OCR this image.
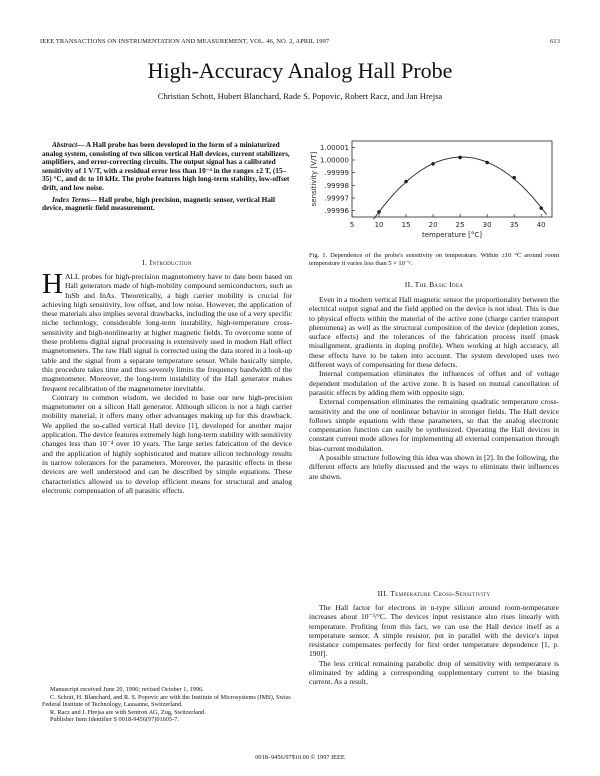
IEEE TRANSACTIONS ON INSTRUMENTATION AND MEASUREMENT, VOL. 46, NO. 2, APRIL 1997	613
High-Accuracy Analog Hall Probe
Christian Schott, Hubert Blanchard, Rade S. Popovic, Robert Racz, and Jan Hrejsa

Abstract— A Hall probe has been developed in the form of a miniaturized analog system, consisting of two silicon vertical Hall devices, current stabilizers, amplifiers, and error-correcting circuits. The output signal has a calibrated sensitivity of 1 V/T, with a residual error less than 10⁻⁴ in the ranges ±2 T, (15–35) °C, and dc to 10 kHz. The probe features high long-term stability, low-offset drift, and low noise.

Index Terms— Hall probe, high precision, magnetic sensor, vertical Hall device, magnetic field measurement.

I. Introduction

HALL probes for high-precision magnetometry have to date been based on Hall generators made of high-mobility compound semiconductors, such as InSb and InAs. Theoretically, a high carrier mobility is crucial for achieving high sensitivity, low offset, and low noise. However, the application of these materials also implies several drawbacks, including the use of a very specific niche technology, considerable long-term instability, high-temperature cross-sensitivity and high-nonlinearity at higher magnetic fields. To overcome some of these problems digital signal processing is extensively used in modern Hall effect magnetometers. The raw Hall signal is corrected using the data stored in a look-up table and the signal from a separate temperature sensor. While basically simple, this procedure takes time and thus severely limits the frequency bandwidth of the magnetometer. Moreover, the long-term instability of the Hall generator makes frequent recalibration of the magnetometer inevitable.

Contrary to common wisdom, we decided to base our new high-precision magnetometer on a silicon Hall generator. Although silicon is not a high carrier mobility material, it offers many other advantages making up for this drawback. We applied the so-called vertical Hall device [1], developed for another major application. The device features extremely high long-term stability with sensitivity changes less than 10⁻⁴ over 10 years. The large series fabrication of the device and the application of highly sophisticated and mature silicon technology results in narrow tolerances for the parameters. Moreover, the parasitic effects in these devices are well understood and can be described by simple equations. These characteristics allowed us to develop efficient means for structural and analog electronic compensation of all parasitic effects.

Manuscript received June 20, 1996; revised October 1, 1996.

C. Schott, H. Blanchard, and R. S. Popovic are with the Institute of Microsystems (IMS), Swiss Federal Institute of Technology, Lausanne, Switzerland.

R. Racz and J. Hrejsa are with Sentron AG, Zug, Switzerland.

Publisher Item Identifier S 0018-9456(97)01605-7.

5	10	15	20	25	30	35	40
.99996
.99997
.99998
.99999
1.00000
1.00001
temperature [°C]
sensitivity [V/T]
Fig. 1. Dependence of the probe's sensitivity on temperature. Within ±10 °C around room temperature it varies less than 5 × 10⁻⁵.
II. The Basic Idea

Even in a modern vertical Hall magnetic sensor the proportionality between the electrical output signal and the field applied on the device is not ideal. This is due to physical effects within the material of the active zone (charge carrier transport phenomena) as well as the structural composition of the device (depletion zones, surface effects) and the tolerances of the fabrication process itself (mask misalignment, gradients in doping profile). When working at high accuracy, all these effects have to be taken into account. The system developed uses two different ways of compensating for these defects.

Internal compensation eliminates the influences of offset and of voltage dependent modulation of the active zone. It is based on mutual cancellation of parasitic effects by adding them with opposite sign.

External compensation eliminates the remaining quadratic temperature cross-sensitivity and the one of nonlinear behavior in stronger fields. The Hall device follows simple equations with these parameters, so that the analog electronic compensation function can easily be synthesized. Operating the Hall devices in constant current mode allows for implementing all external compensation through bias-current modulation.

A possible structure following this idea was shown in [2]. In the following, the different effects are briefly discussed and the ways to eliminate their influences are shown.

III. Temperature Cross-Sensitivity

The Hall factor for electrons in n-type silicon around room-temperature increases about 10⁻³/°C. The devices input resistance also rises linearly with temperature. Profiting from this fact, we can use the Hall device itself as a temperature sensor. A simple resistor, put in parallel with the device's input resistance compensates perfectly for first order temperature dependence [1, p. 190f].

The less critical remaining parabolic drop of sensitivity with temperature is eliminated by adding a corresponding supplementary current to the biasing current. As a result,

0018–9456/97$10.00 © 1997 IEEE
